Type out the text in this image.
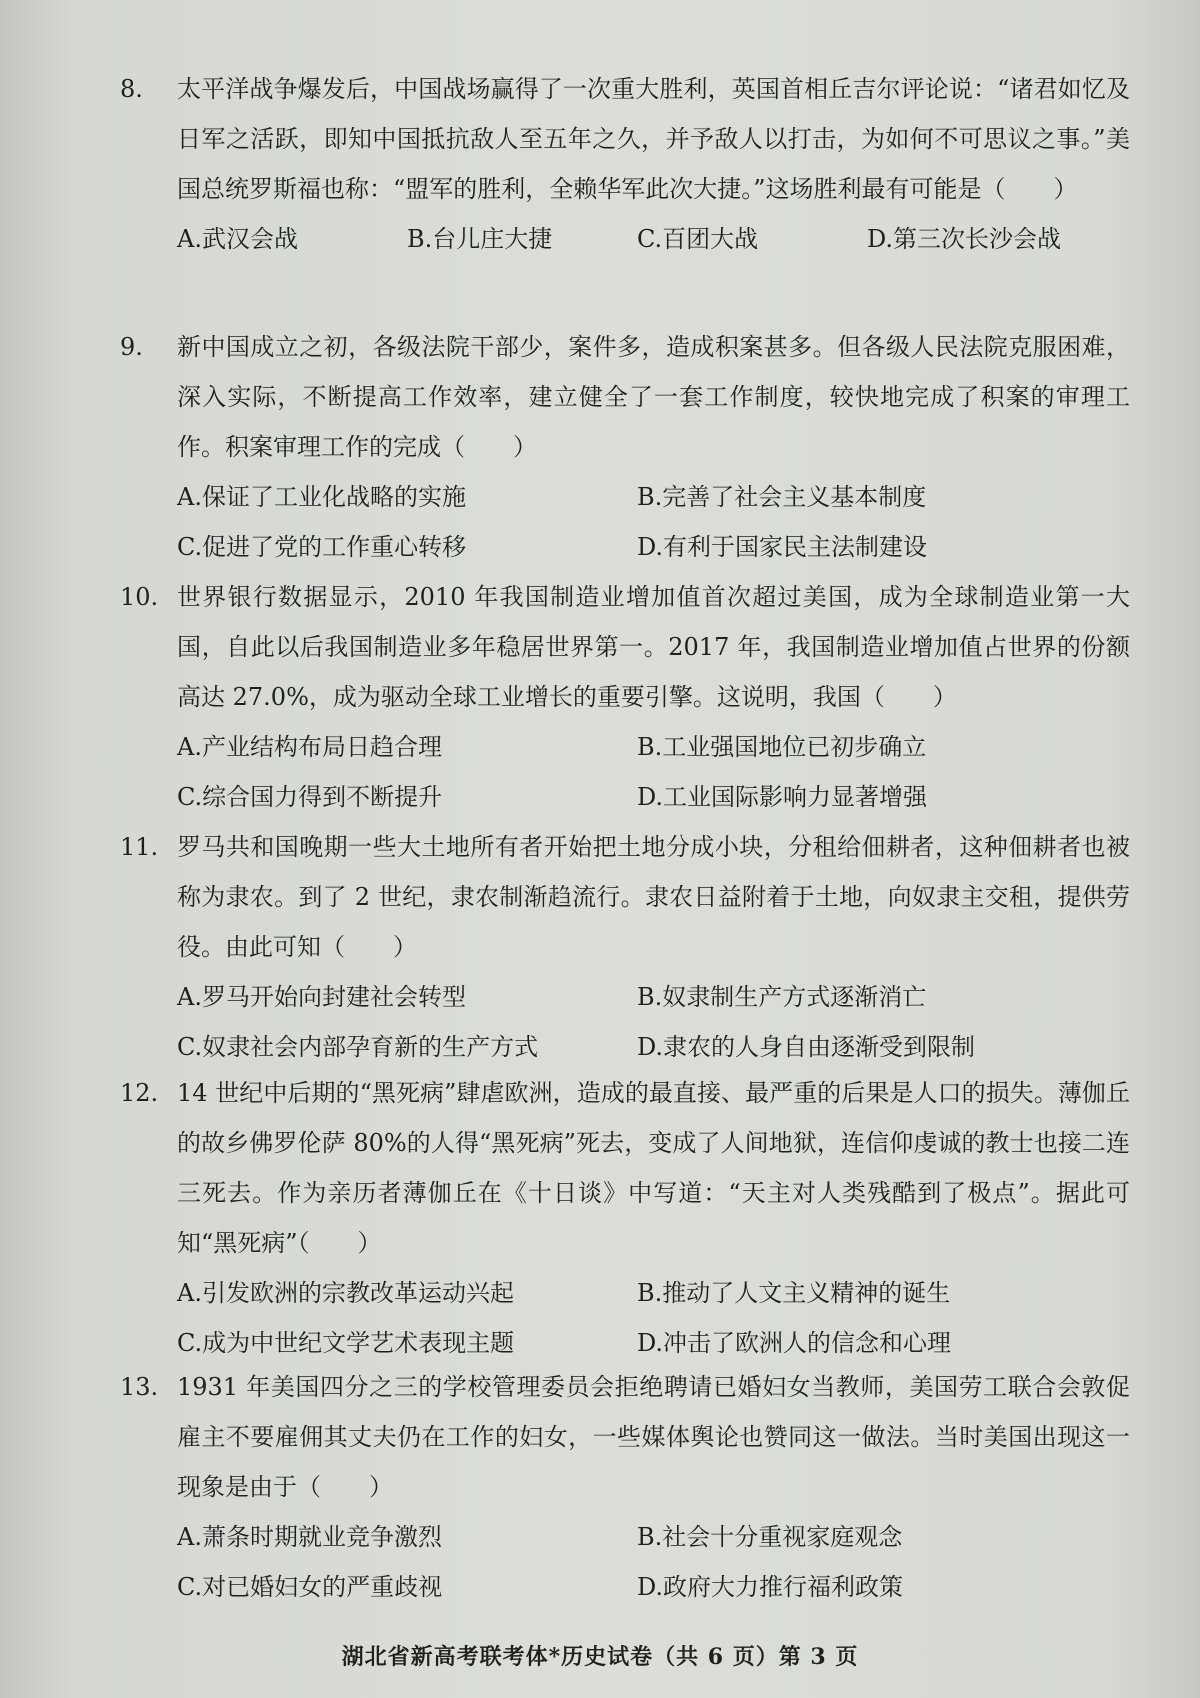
8. 太平洋战争爆发后，中国战场赢得了一次重大胜利，英国首相丘吉尔评论说：“诸君如忆及日军之活跃，即知中国抵抗敌人至五年之久，并予敌人以打击，为如何不可思议之事。”美国总统罗斯福也称：“盟军的胜利，全赖华军此次大捷。”这场胜利最有可能是（　　）
A.武汉会战	B.台儿庄大捷	C.百团大战	D.第三次长沙会战
9. 新中国成立之初，各级法院干部少，案件多，造成积案甚多。但各级人民法院克服困难，深入实际，不断提高工作效率，建立健全了一套工作制度，较快地完成了积案的审理工作。积案审理工作的完成（　　）
A.保证了工业化战略的实施	B.完善了社会主义基本制度
C.促进了党的工作重心转移	D.有利于国家民主法制建设
10. 世界银行数据显示，2010 年我国制造业增加值首次超过美国，成为全球制造业第一大国，自此以后我国制造业多年稳居世界第一。2017 年，我国制造业增加值占世界的份额高达 27.0%，成为驱动全球工业增长的重要引擎。这说明，我国（　　）
A.产业结构布局日趋合理	B.工业强国地位已初步确立
C.综合国力得到不断提升	D.工业国际影响力显著增强
11. 罗马共和国晚期一些大土地所有者开始把土地分成小块，分租给佃耕者，这种佃耕者也被称为隶农。到了 2 世纪，隶农制渐趋流行。隶农日益附着于土地，向奴隶主交租，提供劳役。由此可知（　　）
A.罗马开始向封建社会转型	B.奴隶制生产方式逐渐消亡
C.奴隶社会内部孕育新的生产方式	D.隶农的人身自由逐渐受到限制
12. 14 世纪中后期的“黑死病”肆虐欧洲，造成的最直接、最严重的后果是人口的损失。薄伽丘的故乡佛罗伦萨 80%的人得“黑死病”死去，变成了人间地狱，连信仰虔诚的教士也接二连三死去。作为亲历者薄伽丘在《十日谈》中写道：“天主对人类残酷到了极点”。据此可知“黑死病”（　　）
A.引发欧洲的宗教改革运动兴起	B.推动了人文主义精神的诞生
C.成为中世纪文学艺术表现主题	D.冲击了欧洲人的信念和心理
13. 1931 年美国四分之三的学校管理委员会拒绝聘请已婚妇女当教师，美国劳工联合会敦促雇主不要雇佣其丈夫仍在工作的妇女，一些媒体舆论也赞同这一做法。当时美国出现这一现象是由于（　　）
A.萧条时期就业竞争激烈	B.社会十分重视家庭观念
C.对已婚妇女的严重歧视	D.政府大力推行福利政策
湖北省新高考联考体*历史试卷（共 6 页）第 3 页
